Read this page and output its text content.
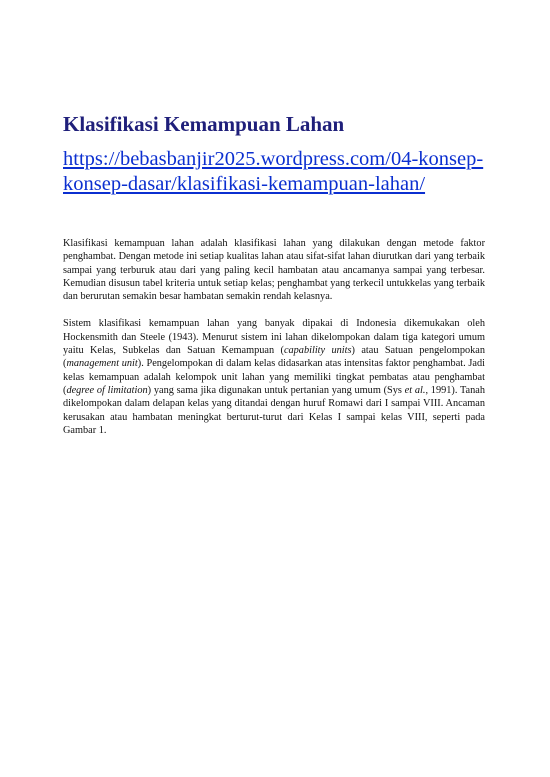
Klasifikasi Kemampuan Lahan
https://bebasbanjir2025.wordpress.com/04-konsep-konsep-dasar/klasifikasi-kemampuan-lahan/

Klasifikasi kemampuan lahan adalah klasifikasi lahan yang dilakukan dengan metode faktor penghambat. Dengan metode ini setiap kualitas lahan atau sifat-sifat lahan diurutkan dari yang terbaik sampai yang terburuk atau dari yang paling kecil hambatan atau ancamanya sampai yang terbesar. Kemudian disusun tabel kriteria untuk setiap kelas; penghambat yang terkecil untukkelas yang terbaik dan berurutan semakin besar hambatan semakin rendah kelasnya.

Sistem klasifikasi kemampuan lahan yang banyak dipakai di Indonesia dikemukakan oleh Hockensmith dan Steele (1943). Menurut sistem ini lahan dikelompokan dalam tiga kategori umum yaitu Kelas, Subkelas dan Satuan Kemampuan (capability units) atau Satuan pengelompokan (management unit). Pengelompokan di dalam kelas didasarkan atas intensitas faktor penghambat. Jadi kelas kemampuan adalah kelompok unit lahan yang memiliki tingkat pembatas atau penghambat (degree of limitation) yang sama jika digunakan untuk pertanian yang umum (Sys et al., 1991). Tanah dikelompokan dalam delapan kelas yang ditandai dengan huruf Romawi dari I sampai VIII. Ancaman kerusakan atau hambatan meningkat berturut-turut dari Kelas I sampai kelas VIII, seperti pada Gambar 1.
